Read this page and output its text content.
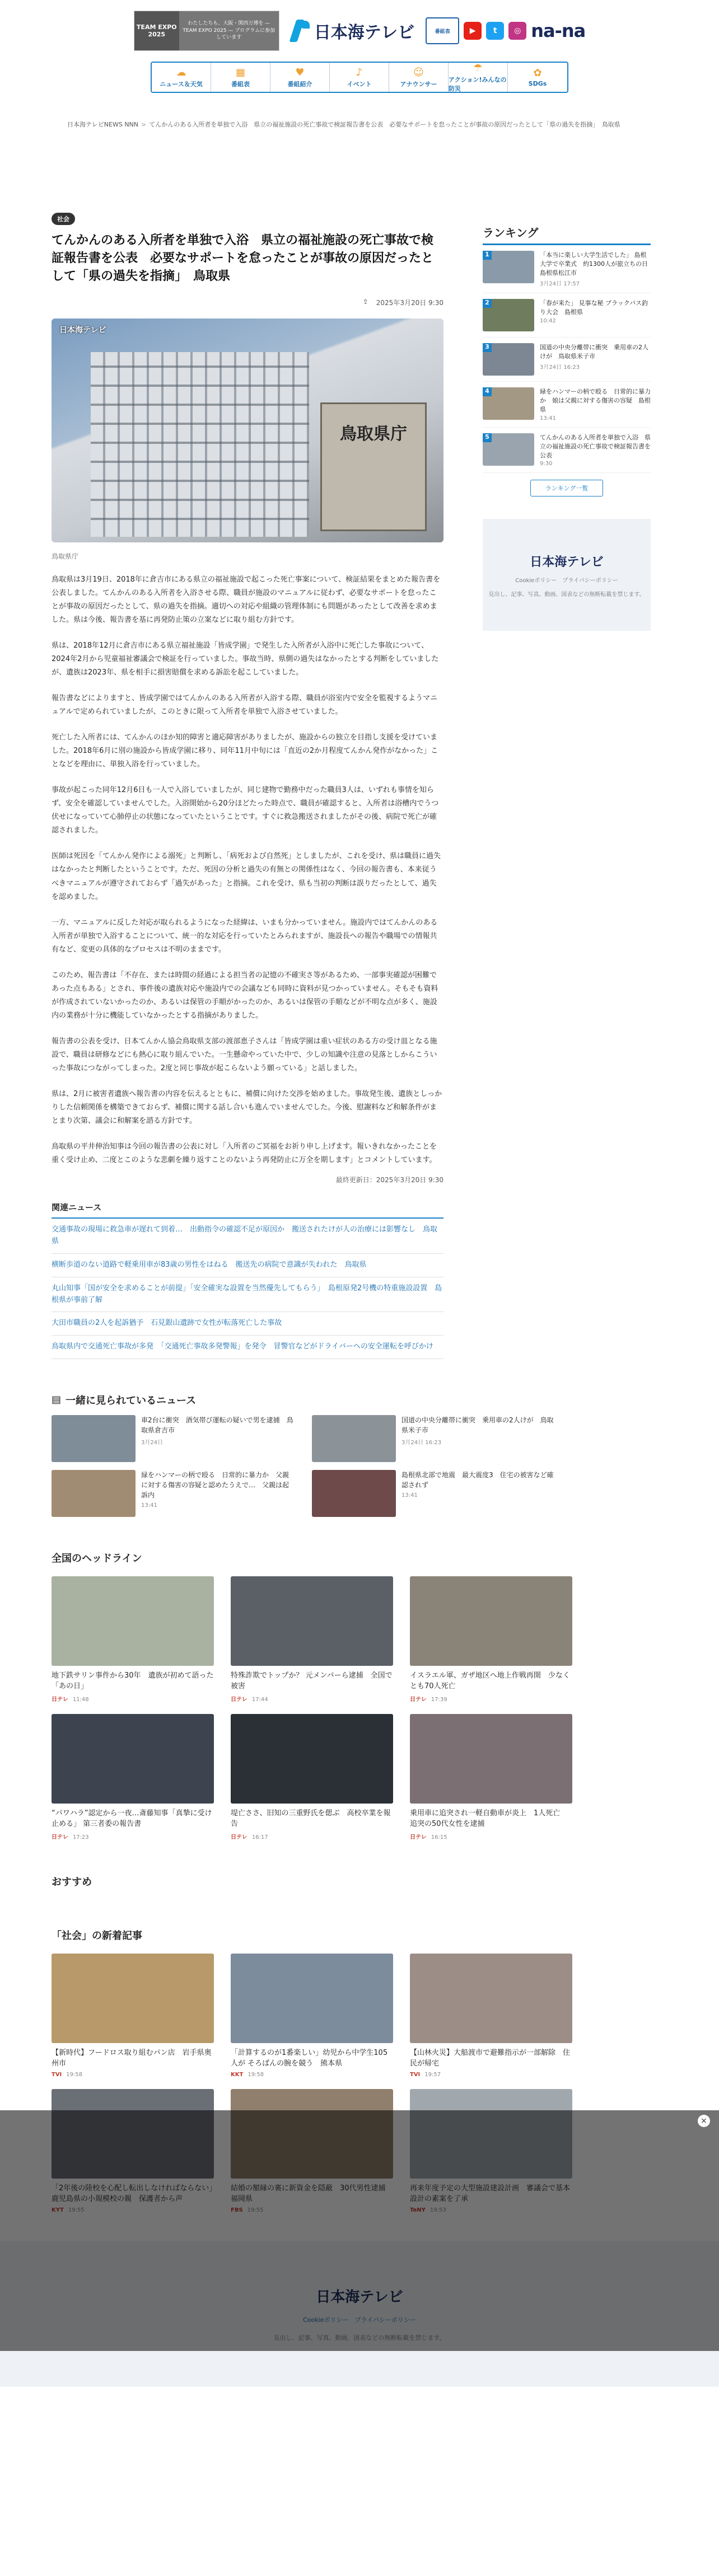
TEAM EXPO 2025
わたしたちも、大阪・関西万博を — TEAM EXPO 2025 — プログラムに参加しています	日本海テレビ	番組表	▶	t	◎ na-na
☁
ニュース＆天気
▦
番組表
♥
番組紹介
♪
イベント
☺
アナウンサー
☂
アクション!みんなの防災
✿
SDGs
日本海テレビNEWS NNN > てんかんのある入所者を単独で入浴　県立の福祉施設の死亡事故で検証報告書を公表　必要なサポートを怠ったことが事故の原因だったとして「県の過失を指摘」　鳥取県
社会
てんかんのある入所者を単独で入浴　県立の福祉施設の死亡事故で検証報告書を公表　必要なサポートを怠ったことが事故の原因だったとして「県の過失を指摘」　鳥取県
⇪ 2025年3月20日 9:30
鳥取県庁
日本海テレビ
鳥取県庁

鳥取県は3月19日、2018年に倉吉市にある県立の福祉施設で起こった死亡事案について、検証結果をまとめた報告書を公表しました。てんかんのある入所者を入浴させる際、職員が施設のマニュアルに従わず、必要なサポートを怠ったことが事故の原因だったとして、県の過失を指摘。適切への対応や組織の管理体制にも問題があったとして改善を求めました。県は今後、報告書を基に再発防止策の立案などに取り組む方針です。

県は、2018年12月に倉吉市にある県立福祉施設「皆成学園」で発生した入所者が入浴中に死亡した事故について、2024年2月から児童福祉審議会で検証を行っていました。事故当時、県側の過失はなかったとする判断をしていましたが、遺族は2023年、県を相手に損害賠償を求める訴訟を起こしていました。

報告書などによりますと、皆成学園ではてんかんのある入所者が入浴する際、職員が浴室内で安全を監視するようマニュアルで定められていましたが、このときに限って入所者を単独で入浴させていました。

死亡した入所者には、てんかんのほか知的障害と適応障害がありましたが、施設からの独立を目指し支援を受けていました。2018年6月に別の施設から皆成学園に移り、同年11月中旬には「直近の2か月程度てんかん発作がなかった」ことなどを理由に、単独入浴を行っていました。

事故が起こった同年12月6日も一人で入浴していましたが、同じ建物で勤務中だった職員3人は、いずれも事情を知らず、安全を確認していませんでした。入浴開始から20分ほどたった時点で、職員が確認すると、入所者は浴槽内でうつ伏せになっていて心肺停止の状態になっていたということです。すぐに救急搬送されましたがその後、病院で死亡が確認されました。

医師は死因を「てんかん発作による溺死」と判断し、「病死および自然死」としましたが、これを受け、県は職員に過失はなかったと判断したということです。ただ、死因の分析と過失の有無との関係性はなく、今回の報告書も、本来従うべきマニュアルが遵守されておらず「過失があった」と指摘。これを受け、県も当初の判断は誤りだったとして、過失を認めました。

一方、マニュアルに反した対応が取られるようになった経緯は、いまも分かっていません。施設内ではてんかんのある入所者が単独で入浴することについて、統一的な対応を行っていたとみられますが、施設長への報告や職場での情報共有など、変更の具体的なプロセスは不明のままです。

このため、報告書は「不存在、または時間の経過による担当者の記憶の不確実さ等があるため、一部事実確認が困難であった点もある」とされ、事件後の遺族対応や施設内での会議なども同時に資料が見つかっていません。そもそも資料が作成されていないかったのか、あるいは保管の手順がかったのか、あるいは保管の手順などが不明な点が多く、施設内の業務が十分に機能していなかったとする指摘がありました。

報告書の公表を受け、日本てんかん協会鳥取県支部の渡部恵子さんは「皆成学園は重い症状のある方の受け皿となる施設で、職員は研修などにも熱心に取り組んでいた。一生懸命やっていた中で、少しの知識や注意の見落としからこういった事故につながってしまった。2度と同じ事故が起こらないよう願っている」と話しました。

県は、2月に被害者遺族へ報告書の内容を伝えるとともに、補償に向けた交渉を始めました。事故発生後、遺族としっかりした信頼関係を構築できておらず、補償に関する話し合いも進んでいませんでした。今後、慰謝料など和解条件がまとまり次第、議会に和解案を諮る方針です。

鳥取県の平井伸治知事は今回の報告書の公表に対し「入所者のご冥福をお祈り申し上げます。報いきれなかったことを重く受け止め、二度とこのような悲劇を繰り返すことのないよう再発防止に万全を期します」とコメントしています。

最終更新日：2025年3月20日 9:30
関連ニュース
交通事故の現場に救急車が遅れて到着…　出動指令の確認不足が原因か　搬送されたけが人の治療には影響なし　鳥取県
横断歩道のない道路で軽乗用車が83歳の男性をはねる　搬送先の病院で意識が失われた　鳥取県
丸山知事「国が安全を求めることが前提」「安全確実な設置を当然優先してもらう」　島根原発2号機の特重施設設置　島根県が事前了解
大田市職員の2人を起訴猶予　石見銀山遺跡で女性が転落死亡した事故
鳥取県内で交通死亡事故が多発　「交通死亡事故多発警報」を発令　冒警官などがドライバーへの安全運転を呼びかけ
ランキング
1	「本当に楽しい大学生活でした」 島根大学で卒業式　約1300人が旅立ちの日　島根県松江市
3月24日 17:57
2	「春が来た」 見事な秘 ブラックバス釣り大会　島根県
10:42
3	国道の中央分離帯に衝突　乗用車の2人けが　鳥取県米子市
3月24日 16:23
4	緑をハンマーの柄で殴る　日常的に暴力か　娘は父親に対する傷害の容疑　島根県
13:41
5	てんかんのある入所者を単独で入浴　県立の福祉施設の死亡事故で検証報告書を公表
9:30
ランキング一覧
日本海テレビ
Cookieポリシー　プライバシーポリシー
見出し、記事、写真、動画、図表などの無断転載を禁じます。
▤ 一緒に見られているニュース
車2台に衝突　酒気帯び運転の疑いで男を逮捕　鳥取県倉吉市
3月24日
国道の中央分離帯に衝突　乗用車の2人けが　鳥取県米子市
3月24日 16:23
緑をハンマーの柄で殴る　日常的に暴力か　父親に対する傷害の容疑と認めたうえで…　父親は起訴内
13:41
島根県北部で地震　最大震度3　住宅の被害など確認されず
13:41
全国のヘッドライン
地下鉄サリン事件から30年　遺族が初めて語った「あの日」
日テレ 11:48
特殊詐欺でトップか？ 元メンバーら逮捕　全国で被害
日テレ 17:44
イスラエル軍、ガザ地区へ地上作戦再開　少なくとも70人死亡
日テレ 17:39
“パワハラ”認定から一夜…斎藤知事「真摯に受け止める」 第三者委の報告書
日テレ 17:23
堤亡ささ、旧知の三重野氏を偲ぶ　高校卒業を報告
日テレ 16:17
乗用車に追突され一軽自動車が炎上　1人死亡　追突の50代女性を逮捕
日テレ 16:15
おすすめ
「社会」の新着記事
【新時代】フードロス取り組むパン店　岩手県奥州市
TVI 19:58
「計算するのが1番楽しい」幼児から中学生105人が そろばんの腕を競う　熊本県
KKT 19:58
【山林火災】大船渡市で避難指示が一部解除　住民が帰宅
TVI 19:57
×
